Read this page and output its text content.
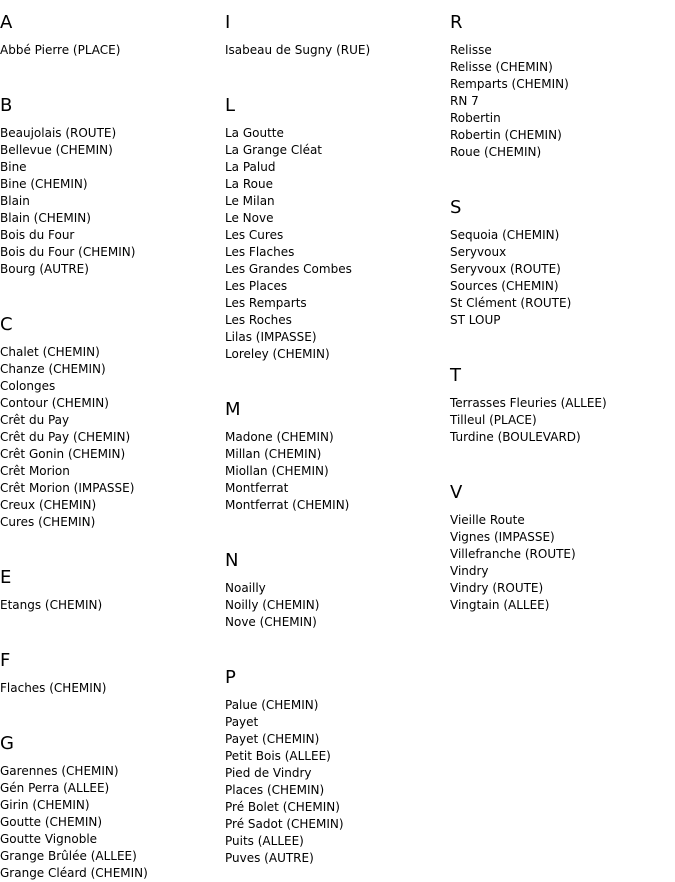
A
Abbé Pierre (PLACE)
B
Beaujolais (ROUTE)
Bellevue (CHEMIN)
Bine
Bine (CHEMIN)
Blain
Blain (CHEMIN)
Bois du Four
Bois du Four (CHEMIN)
Bourg (AUTRE)
C
Chalet (CHEMIN)
Chanze (CHEMIN)
Colonges
Contour (CHEMIN)
Crêt du Pay
Crêt du Pay (CHEMIN)
Crêt Gonin (CHEMIN)
Crêt Morion
Crêt Morion (IMPASSE)
Creux (CHEMIN)
Cures (CHEMIN)
E
Etangs (CHEMIN)
F
Flaches (CHEMIN)
G
Garennes (CHEMIN)
Gén Perra (ALLEE)
Girin (CHEMIN)
Goutte (CHEMIN)
Goutte Vignoble
Grange Brûlée (ALLEE)
Grange Cléard (CHEMIN)
I
Isabeau de Sugny (RUE)
L
La Goutte
La Grange Cléat
La Palud
La Roue
Le Milan
Le Nove
Les Cures
Les Flaches
Les Grandes Combes
Les Places
Les Remparts
Les Roches
Lilas (IMPASSE)
Loreley (CHEMIN)
M
Madone (CHEMIN)
Millan (CHEMIN)
Miollan (CHEMIN)
Montferrat
Montferrat (CHEMIN)
N
Noailly
Noilly (CHEMIN)
Nove (CHEMIN)
P
Palue (CHEMIN)
Payet
Payet (CHEMIN)
Petit Bois (ALLEE)
Pied de Vindry
Places (CHEMIN)
Pré Bolet (CHEMIN)
Pré Sadot (CHEMIN)
Puits (ALLEE)
Puves (AUTRE)
R
Relisse
Relisse (CHEMIN)
Remparts (CHEMIN)
RN 7
Robertin
Robertin (CHEMIN)
Roue (CHEMIN)
S
Sequoia (CHEMIN)
Seryvoux
Seryvoux (ROUTE)
Sources (CHEMIN)
St Clément (ROUTE)
ST LOUP
T
Terrasses Fleuries (ALLEE)
Tilleul (PLACE)
Turdine (BOULEVARD)
V
Vieille Route
Vignes (IMPASSE)
Villefranche (ROUTE)
Vindry
Vindry (ROUTE)
Vingtain (ALLEE)
